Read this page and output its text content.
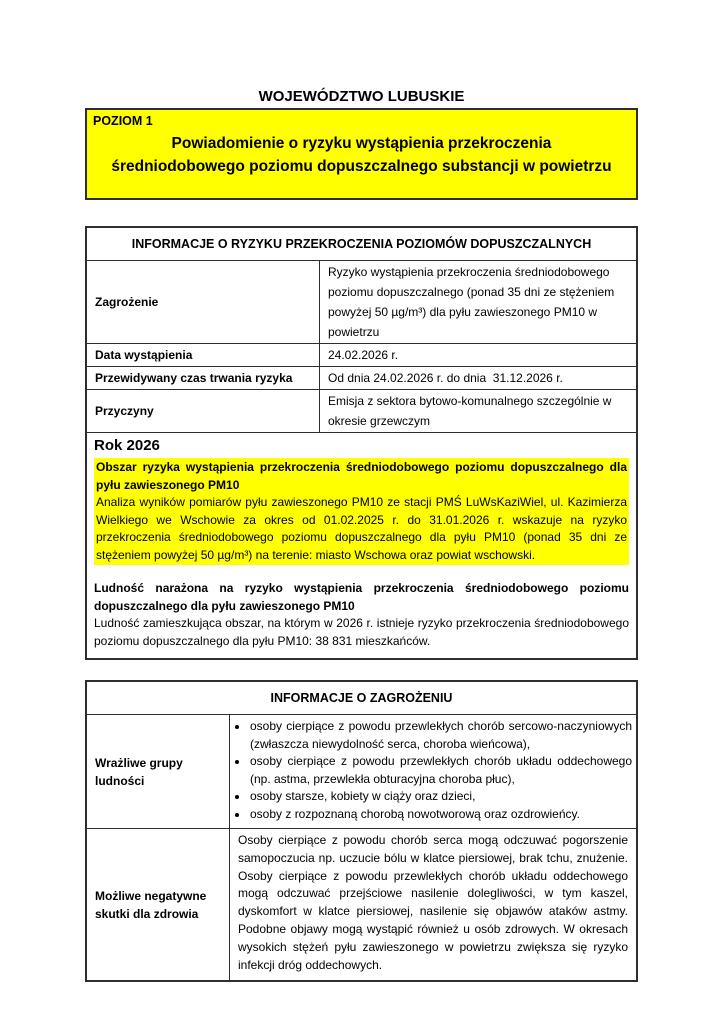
WOJEWÓDZTWO LUBUSKIE
POZIOM 1
Powiadomienie o ryzyku wystąpienia przekroczenia
średniodobowego poziomu dopuszczalnego substancji w powietrzu
INFORMACJE O RYZYKU PRZEKROCZENIA POZIOMÓW DOPUSZCZALNYCH
Zagrożenie
Ryzyko wystąpienia przekroczenia średniodobowego poziomu dopuszczalnego (ponad 35 dni ze stężeniem powyżej 50 µg/m³) dla pyłu zawieszonego PM10 w powietrzu
Data wystąpienia	24.02.2026 r.
Przewidywany czas trwania ryzyka	Od dnia 24.02.2026 r. do dnia  31.12.2026 r.
Przyczyny
Emisja z sektora bytowo-komunalnego szczególnie w okresie grzewczym
Rok 2026
Obszar ryzyka wystąpienia przekroczenia średniodobowego poziomu dopuszczalnego dla pyłu zawieszonego PM10
Analiza wyników pomiarów pyłu zawieszonego PM10 ze stacji PMŚ LuWsKaziWiel, ul. Kazimierza Wielkiego we Wschowie za okres od 01.02.2025 r. do 31.01.2026 r. wskazuje na ryzyko przekroczenia średniodobowego poziomu dopuszczalnego dla pyłu PM10 (ponad 35 dni ze stężeniem powyżej 50 µg/m³) na terenie: miasto Wschowa oraz powiat wschowski.
Ludność narażona na ryzyko wystąpienia przekroczenia średniodobowego poziomu dopuszczalnego dla pyłu zawieszonego PM10
Ludność zamieszkująca obszar, na którym w 2026 r. istnieje ryzyko przekroczenia średniodobowego poziomu dopuszczalnego dla pyłu PM10: 38 831 mieszkańców.
INFORMACJE O ZAGROŻENIU
Wrażliwe grupy ludności
• osoby cierpiące z powodu przewlekłych chorób sercowo-naczyniowych (zwłaszcza niewydolność serca, choroba wieńcowa),
• osoby cierpiące z powodu przewlekłych chorób układu oddechowego (np. astma, przewlekła obturacyjna choroba płuc),
• osoby starsze, kobiety w ciąży oraz dzieci,
• osoby z rozpoznaną chorobą nowotworową oraz ozdrowieńcy.
Możliwe negatywne skutki dla zdrowia
Osoby cierpiące z powodu chorób serca mogą odczuwać pogorszenie samopoczucia np. uczucie bólu w klatce piersiowej, brak tchu, znużenie. Osoby cierpiące z powodu przewlekłych chorób układu oddechowego mogą odczuwać przejściowe nasilenie dolegliwości, w tym kaszel, dyskomfort w klatce piersiowej, nasilenie się objawów ataków astmy. Podobne objawy mogą wystąpić również u osób zdrowych. W okresach wysokich stężeń pyłu zawieszonego w powietrzu zwiększa się ryzyko infekcji dróg oddechowych.
